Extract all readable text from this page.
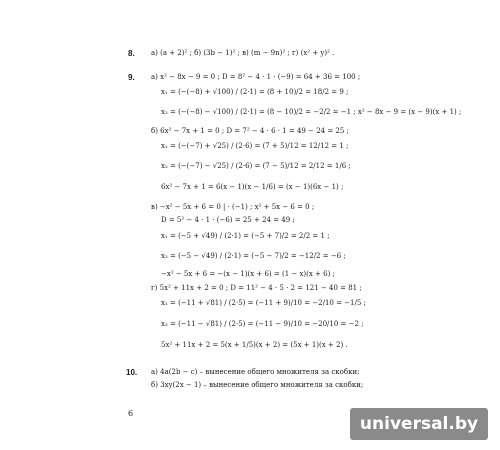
8. а) (a + 2)² ; б) (3b − 1)² ; в) (m − 9n)² ; г) (x² + y)² .
9. а) x² − 8x − 9 = 0 ; D = 8² − 4 · 1 · (−9) = 64 + 36 = 100 ;
x₁ = (−(−8) + √100) / (2·1) = (8 + 10)/2 = 18/2 = 9 ;
x₂ = (−(−8) − √100) / (2·1) = (8 − 10)/2 = −2/2 = −1 ; x² − 8x − 9 = (x − 9)(x + 1) ;
б) 6x² − 7x + 1 = 0 ; D = 7² − 4 · 6 · 1 = 49 − 24 = 25 ;
x₁ = (−(−7) + √25) / (2·6) = (7 + 5)/12 = 12/12 = 1 ;
x₂ = (−(−7) − √25) / (2·6) = (7 − 5)/12 = 2/12 = 1/6 ;
6x² − 7x + 1 = 6(x − 1)(x − 1/6) = (x − 1)(6x − 1) ;
в) −x² − 5x + 6 = 0 | · (−1) ; x² + 5x − 6 = 0 ;
D = 5² − 4 · 1 · (−6) = 25 + 24 = 49 ;
x₁ = (−5 + √49) / (2·1) = (−5 + 7)/2 = 2/2 = 1 ;
x₂ = (−5 − √49) / (2·1) = (−5 − 7)/2 = −12/2 = −6 ;
−x² − 5x + 6 = −(x − 1)(x + 6) = (1 − x)(x + 6) ;
г) 5x² + 11x + 2 = 0 ; D = 11² − 4 · 5 · 2 = 121 − 40 = 81 ;
x₁ = (−11 + √81) / (2·5) = (−11 + 9)/10 = −2/10 = −1/5 ;
x₂ = (−11 − √81) / (2·5) = (−11 − 9)/10 = −20/10 = −2 ;
5x² + 11x + 2 = 5(x + 1/5)(x + 2) = (5x + 1)(x + 2) .
10. а) 4a(2b − c) – вынесение общего множителя за скобки;
б) 3xy(2x − 1) – вынесение общего множителя за скобки;
6
universal.by
